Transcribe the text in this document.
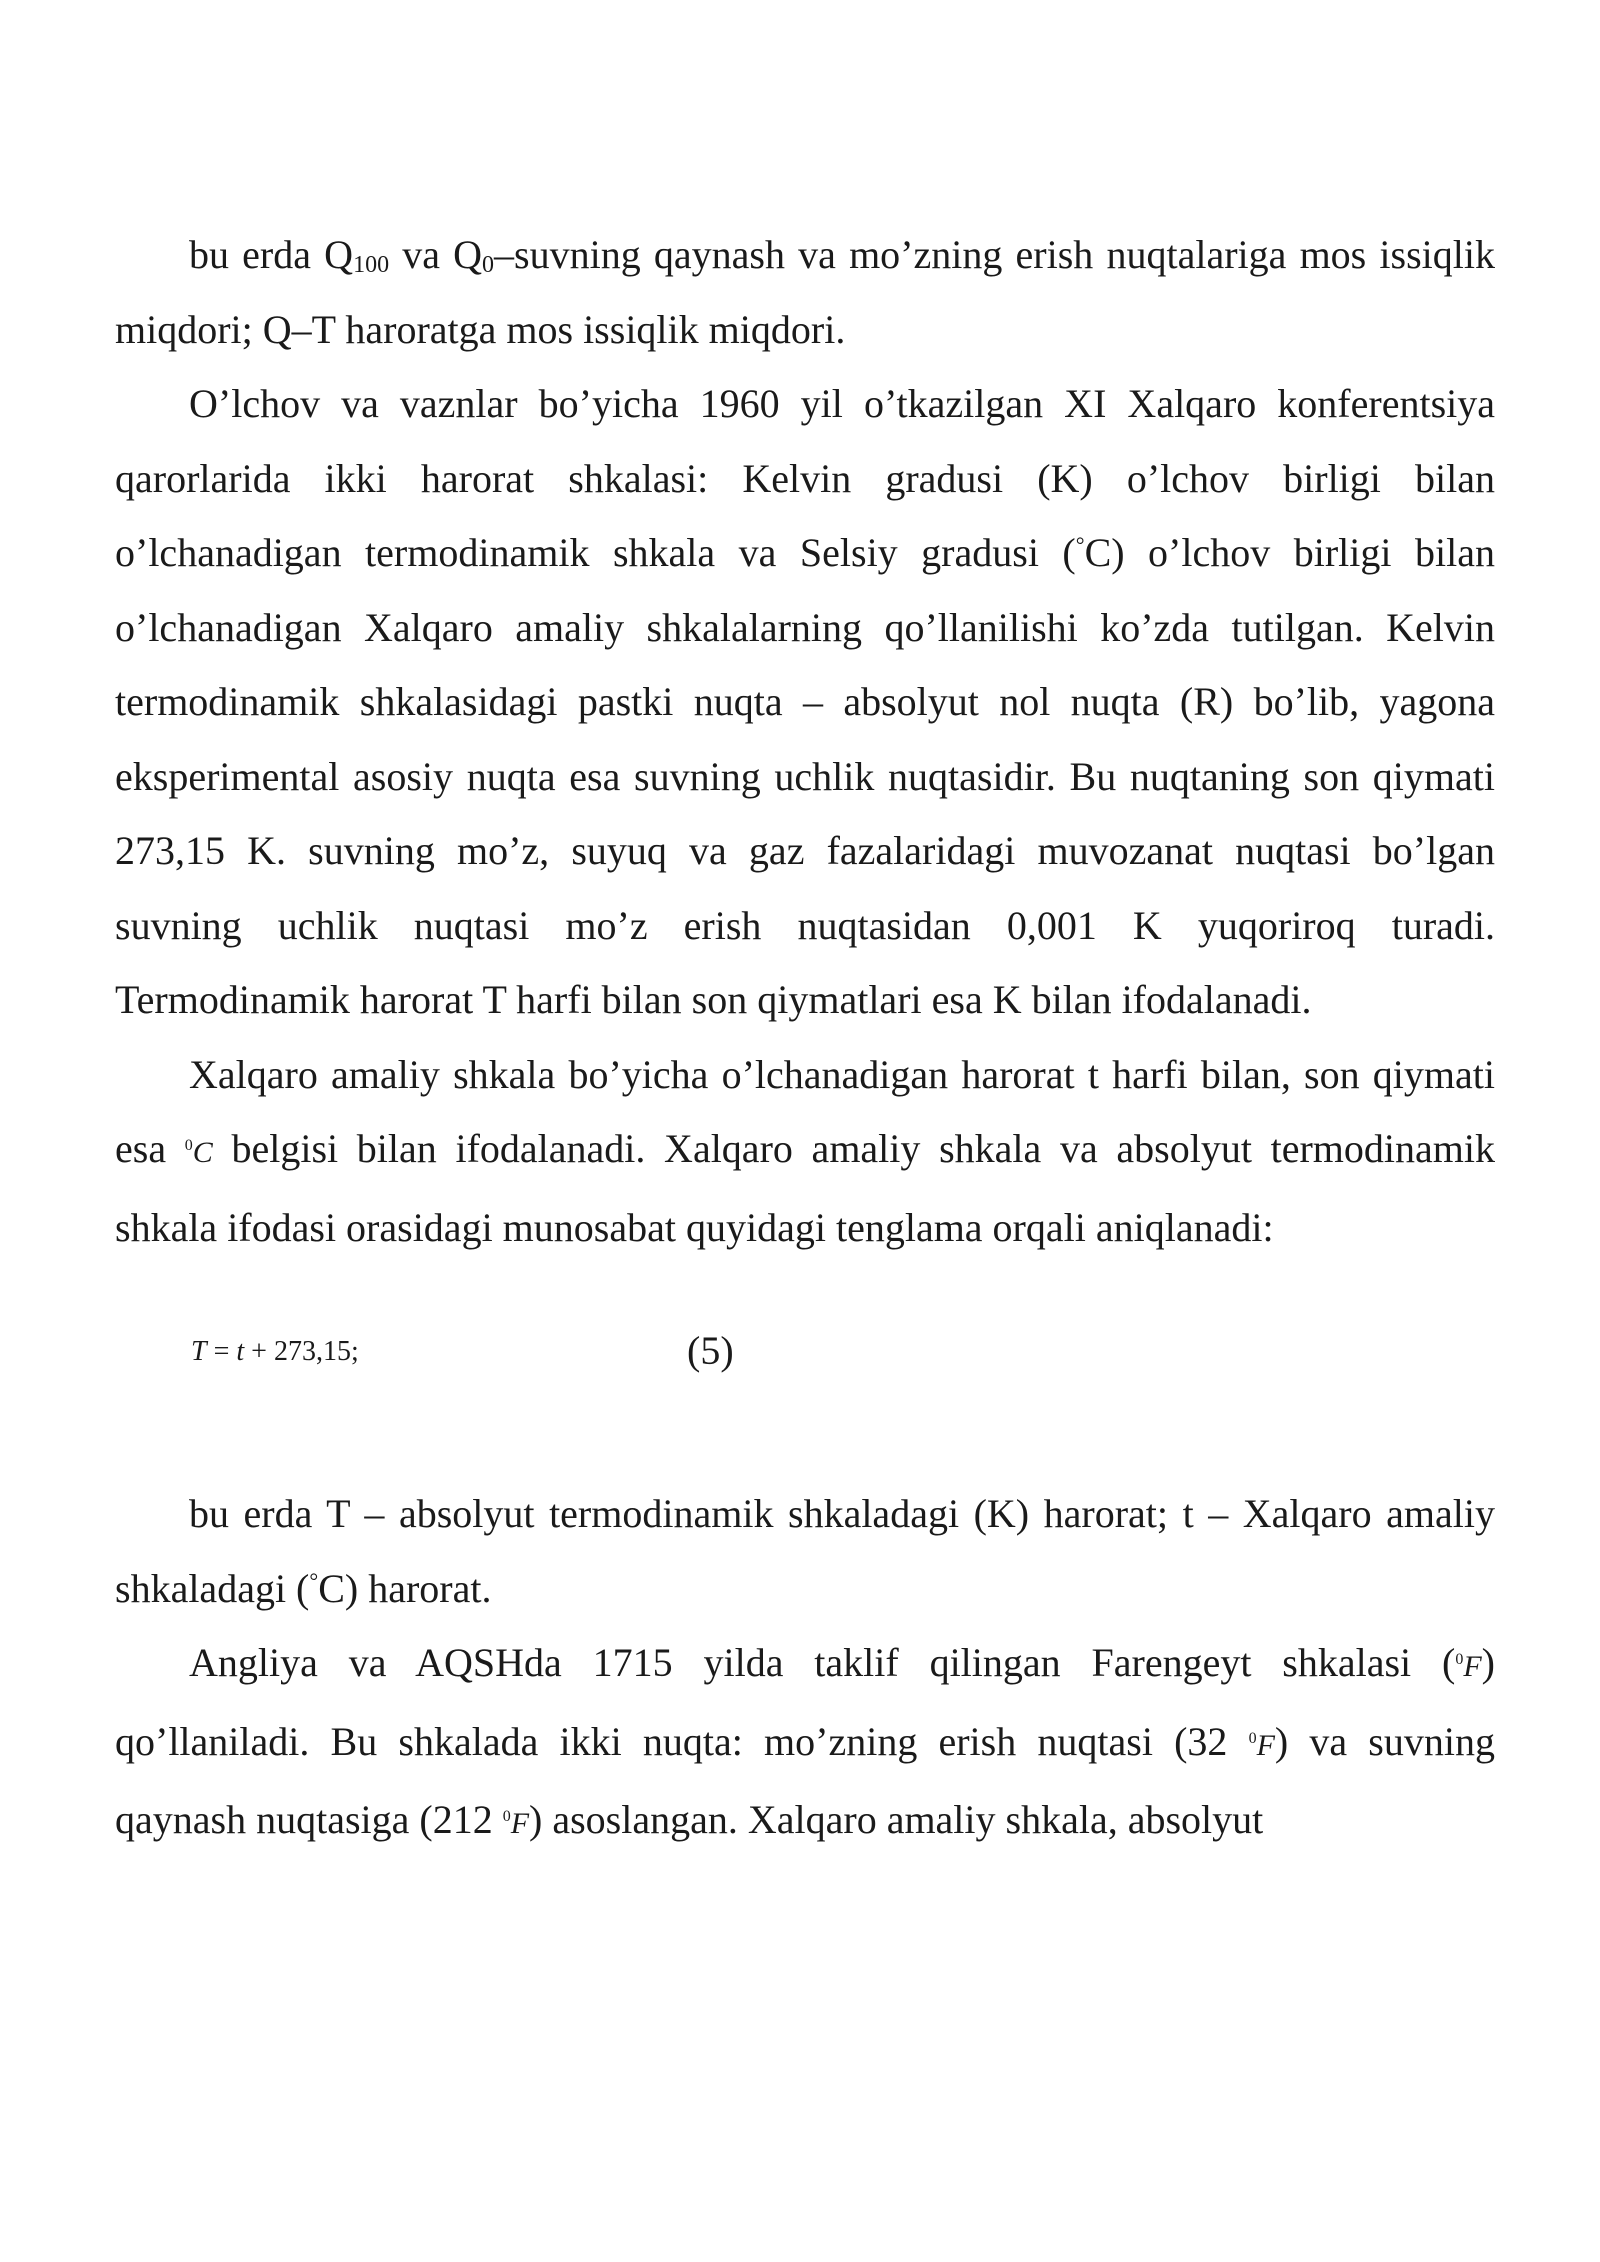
bu erda Q100 va Q0–suvning qaynash va mo’zning erish nuqtalariga mos issiqlik miqdori; Q–T haroratga mos issiqlik miqdori.

O’lchov va vaznlar bo’yicha 1960 yil o’tkazilgan XI Xalqaro konferentsiya qarorlarida ikki harorat shkalasi: Kelvin gradusi (K) o’lchov birligi bilan o’lchanadigan termodinamik shkala va Selsiy gradusi (°C) o’lchov birligi bilan o’lchanadigan Xalqaro amaliy shkalalarning qo’llanilishi ko’zda tutilgan. Kelvin termodinamik shkalasidagi pastki nuqta – absolyut nol nuqta (R) bo’lib, yagona eksperimental asosiy nuqta esa suvning uchlik nuqtasidir. Bu nuqtaning son qiymati 273,15 K. suvning mo’z, suyuq va gaz fazalaridagi muvozanat nuqtasi bo’lgan suvning uchlik nuqtasi mo’z erish nuqtasidan 0,001 K yuqoriroq turadi. Termodinamik harorat T harfi bilan son qiymatlari esa K bilan ifodalanadi.

Xalqaro amaliy shkala bo’yicha o’lchanadigan harorat t harfi bilan, son qiymati esa $^0$C belgisi bilan ifodalanadi. Xalqaro amaliy shkala va absolyut termodinamik shkala ifodasi orasidagi munosabat quyidagi tenglama orqali aniqlanadi:

T = t + 273,15;	(5)

bu erda T – absolyut termodinamik shkaladagi (K) harorat; t – Xalqaro amaliy shkaladagi (°C) harorat.

Angliya va AQSHda 1715 yilda taklif qilingan Farengeyt shkalasi ($^0$F) qo’llaniladi. Bu shkalada ikki nuqta: mo’zning erish nuqtasi (32 $^0$F) va suvning qaynash nuqtasiga (212 $^0$F) asoslangan. Xalqaro amaliy shkala, absolyut
